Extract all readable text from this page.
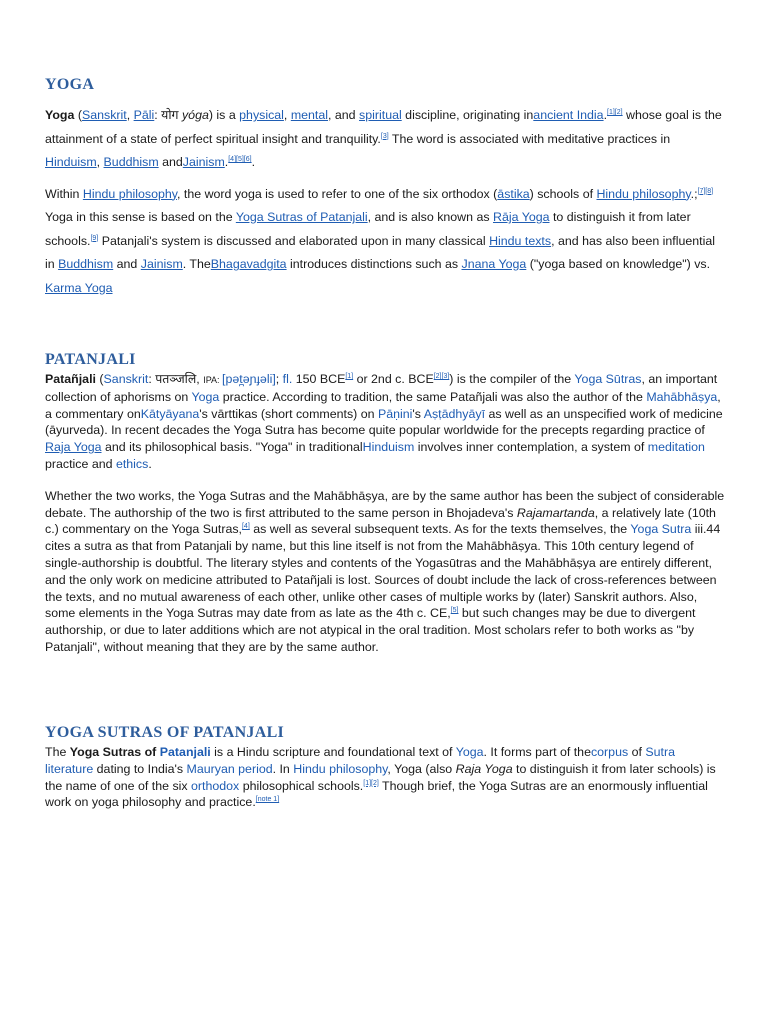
YOGA

Yoga (Sanskrit, Pāli: योग yóga) is a physical, mental, and spiritual discipline, originating inancient India.[1][2] whose goal is the attainment of a state of perfect spiritual insight and tranquility.[3] The word is associated with meditative practices in Hinduism, Buddhism andJainism.[4][5][6].

Within Hindu philosophy, the word yoga is used to refer to one of the six orthodox (āstika) schools of Hindu philosophy.;[7][8] Yoga in this sense is based on the Yoga Sutras of Patanjali, and is also known as Rāja Yoga to distinguish it from later schools.[9] Patanjali's system is discussed and elaborated upon in many classical Hindu texts, and has also been influential in Buddhism and Jainism. TheBhagavadgita introduces distinctions such as Jnana Yoga ("yoga based on knowledge") vs. Karma Yoga

PATANJALI

Patañjali (Sanskrit: पतञ्जलि, IPA: [pət̪əɲɟəli]; fl. 150 BCE[1] or 2nd c. BCE[2][3]) is the compiler of the Yoga Sūtras, an important collection of aphorisms on Yoga practice. According to tradition, the same Patañjali was also the author of the Mahābhāṣya, a commentary onKātyāyana's vārttikas (short comments) on Pāṇini's Aṣṭādhyāyī as well as an unspecified work of medicine (āyurveda). In recent decades the Yoga Sutra has become quite popular worldwide for the precepts regarding practice of Raja Yoga and its philosophical basis. "Yoga" in traditionalHinduism involves inner contemplation, a system of meditation practice and ethics.

Whether the two works, the Yoga Sutras and the Mahābhāṣya, are by the same author has been the subject of considerable debate. The authorship of the two is first attributed to the same person in Bhojadeva's Rajamartanda, a relatively late (10th c.) commentary on the Yoga Sutras,[4] as well as several subsequent texts. As for the texts themselves, the Yoga Sutra iii.44 cites a sutra as that from Patanjali by name, but this line itself is not from the Mahābhāṣya. This 10th century legend of single-authorship is doubtful. The literary styles and contents of the Yogasūtras and the Mahābhāṣya are entirely different, and the only work on medicine attributed to Patañjali is lost. Sources of doubt include the lack of cross-references between the texts, and no mutual awareness of each other, unlike other cases of multiple works by (later) Sanskrit authors. Also, some elements in the Yoga Sutras may date from as late as the 4th c. CE,[5] but such changes may be due to divergent authorship, or due to later additions which are not atypical in the oral tradition. Most scholars refer to both works as "by Patanjali", without meaning that they are by the same author.

YOGA SUTRAS OF PATANJALI

The Yoga Sutras of Patanjali is a Hindu scripture and foundational text of Yoga. It forms part of thecorpus of Sutra literature dating to India's Mauryan period. In Hindu philosophy, Yoga (also Raja Yoga to distinguish it from later schools) is the name of one of the six orthodox philosophical schools.[1][2] Though brief, the Yoga Sutras are an enormously influential work on yoga philosophy and practice.[note 1]
